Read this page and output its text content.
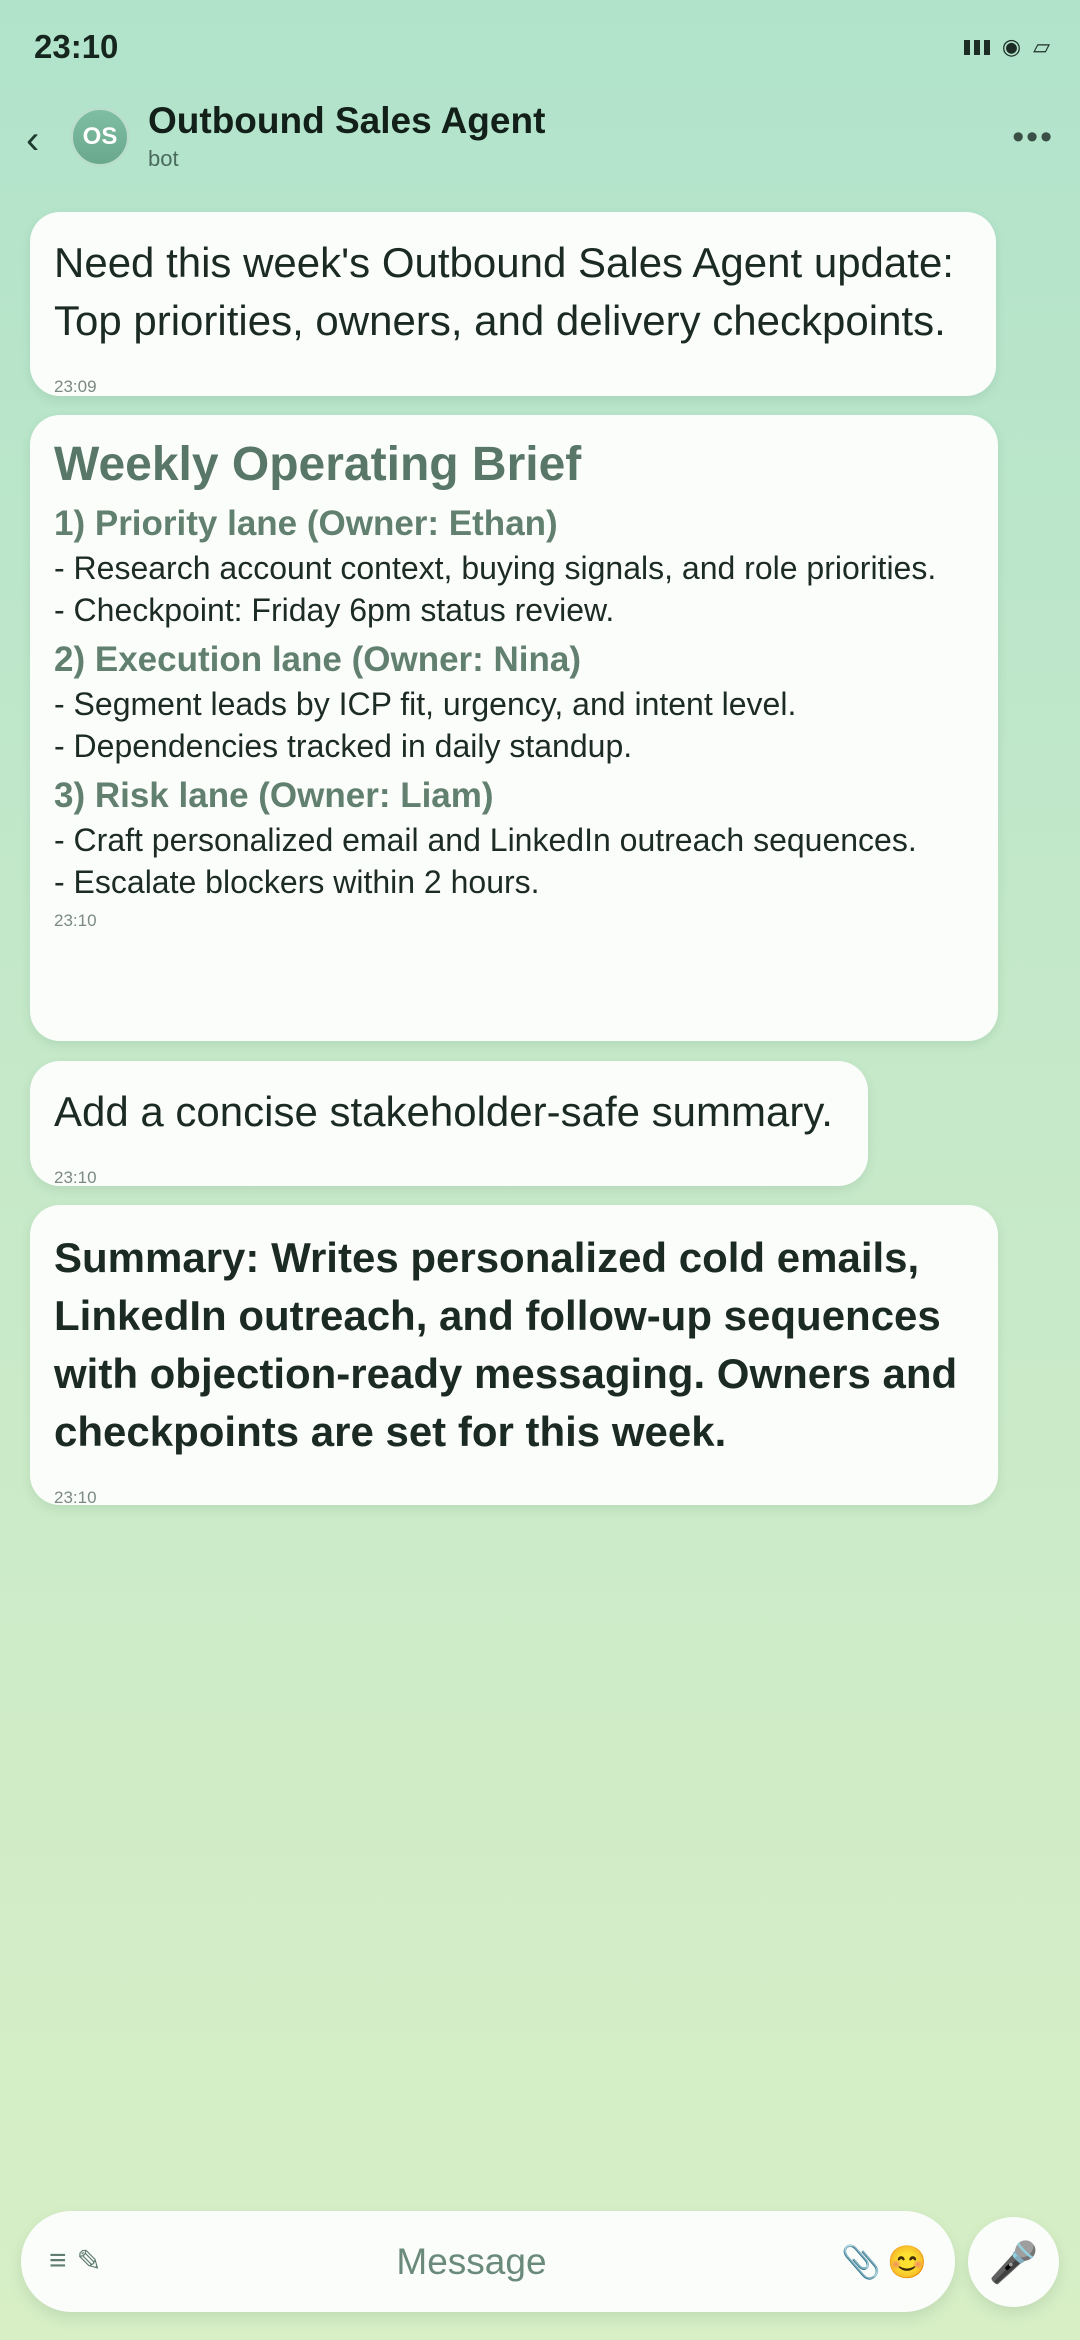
23:10	◉ ▱
‹	OS Outbound Sales Agent
bot
•••
Need this week's Outbound Sales Agent update:
Top priorities, owners, and delivery checkpoints.
23:09
Weekly Operating Brief
1) Priority lane (Owner: Ethan)

- Research account context, buying signals, and role priorities.

- Checkpoint: Friday 6pm status review.

2) Execution lane (Owner: Nina)

- Segment leads by ICP fit, urgency, and intent level.

- Dependencies tracked in daily standup.

3) Risk lane (Owner: Liam)

- Craft personalized email and LinkedIn outreach sequences.

- Escalate blockers within 2 hours.

23:10
Add a concise stakeholder-safe summary.
23:10
Summary: Writes personalized cold emails, LinkedIn outreach, and follow-up sequences with objection-ready messaging. Owners and checkpoints are set for this week.
23:10
≡ ✎	Message	📎 😊 🎤
